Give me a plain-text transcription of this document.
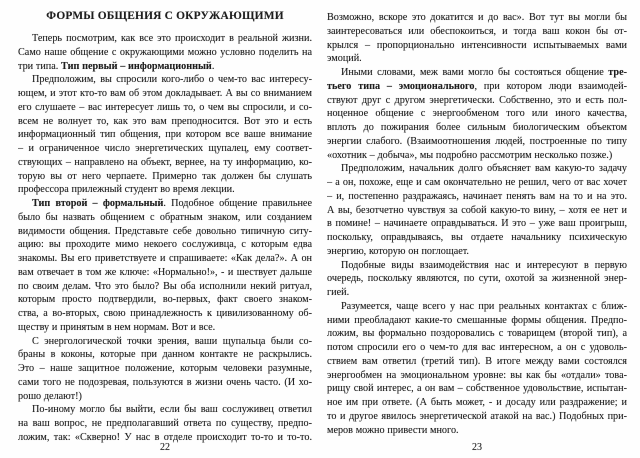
ФОРМЫ ОБЩЕНИЯ С ОКРУЖАЮЩИМИ
Теперь посмотрим, как все это происходит в реальной жизни.
Само наше общение с окружающими можно условно поделить на
три типа. Тип первый – информационный.
Предположим, вы спросили кого-либо о чем-то вас интересу-
ющем, и этот кто-то вам об этом докладывает. А вы со вниманием
его слушаете – вас интересует лишь то, о чем вы спросили, и со-
всем не волнует то, как это вам преподносится. Вот это и есть
информационный тип общения, при котором все ваше внимание
– и ограниченное число энергетических щупалец, ему соответ-
ствующих – направлено на объект, вернее, на ту информацию, ко-
торую вы от него черпаете. Примерно так должен бы слушать
профессора прилежный студент во время лекции.
Тип второй – формальный. Подобное общение правильнее
было бы назвать общением с обратным знаком, или созданием
видимости общения. Представьте себе довольно типичную ситу-
ацию: вы проходите мимо некоего сослуживца, с которым едва
знакомы. Вы его приветствуете и спрашиваете: «Как дела?». А он
вам отвечает в том же ключе: «Нормально!», - и шествует дальше
по своим делам. Что это было? Вы оба исполнили некий ритуал,
которым просто подтвердили, во-первых, факт своего знаком-
ства, а во-вторых, свою принадлежность к цивилизованному об-
ществу и принятым в нем нормам. Вот и все.
С энергологической точки зрения, ваши щупальца были со-
браны в коконы, которые при данном контакте не раскрылись.
Это – наше защитное положение, которым человеки разумные,
сами того не подозревая, пользуются в жизни очень часто. (И хо-
рошо делают!)
По-иному могло бы выйти, если бы ваш сослуживец ответил
на ваш вопрос, не предполагавший ответа по существу, предпо-
ложим, так: «Скверно! У нас в отделе происходит то-то и то-то.
22
Возможно, вскоре это докатится и до вас». Вот тут вы могли бы
заинтересоваться или обеспокоиться, и тогда ваш кокон бы от-
крылся – пропорционально интенсивности испытываемых вами
эмоций.
Иными словами, меж вами могло бы состояться общение тре-
тьего типа – эмоционального, при котором люди взаимодей-
ствуют друг с другом энергетически. Собственно, это и есть пол-
ноценное общение с энергообменом того или иного качества,
вплоть до пожирания более сильным биологическим объектом
энергии слабого. (Взаимоотношения людей, построенные по типу
«охотник – добыча», мы подробно рассмотрим несколько позже.)
Предположим, начальник долго объясняет вам какую-то задачу
– а он, похоже, еще и сам окончательно не решил, чего от вас хочет
– и, постепенно раздражаясь, начинает пенять вам на то и на это.
А вы, безотчетно чувствуя за собой какую-то вину, – хотя ее нет и
в помине! – начинаете оправдываться. И это – уже ваш проигрыш,
поскольку, оправдываясь, вы отдаете начальнику психическую
энергию, которую он поглощает.
Подобные виды взаимодействия нас и интересуют в первую
очередь, поскольку являются, по сути, охотой за жизненной энер-
гией.
Разумеется, чаще всего у нас при реальных контактах с ближ-
ними преобладают какие-то смешанные формы общения. Предпо-
ложим, вы формально поздоровались с товарищем (второй тип), а
потом спросили его о чем-то для вас интересном, а он с удоволь-
ствием вам ответил (третий тип). В итоге между вами состоялся
энергообмен на эмоциональном уровне: вы как бы «отдали» това-
рищу свой интерес, а он вам – собственное удовольствие, испытан-
ное им при ответе. (А быть может, - и досаду или раздражение; и
то и другое явилось энергетической атакой на вас.) Подобных при-
меров можно привести много.
23
